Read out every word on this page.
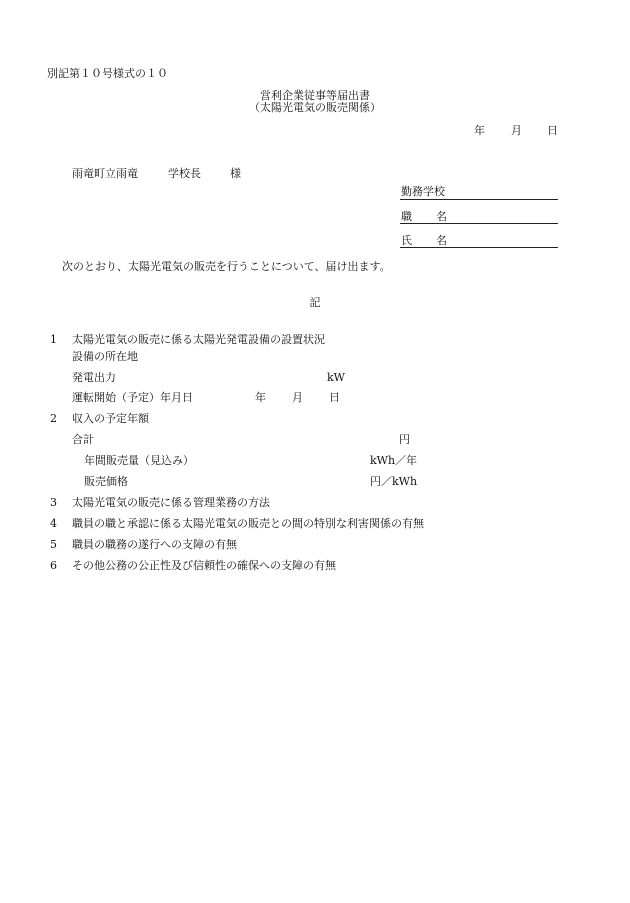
別記第１０号様式の１０
営利企業従事等届出書
（太陽光電気の販売関係）
年 月 日
雨竜町立雨竜	学校長	様
勤務学校
職 名
氏 名
次のとおり、太陽光電気の販売を行うことについて、届け出ます。
記
1 太陽光電気の販売に係る太陽光発電設備の設置状況
設備の所在地
発電出力	kW
運転開始（予定）年月日	年 月 日
2 収入の予定年額
合計	円
年間販売量（見込み）	kWh／年
販売価格	円／kWh
3 太陽光電気の販売に係る管理業務の方法
4 職員の職と承認に係る太陽光電気の販売との間の特別な利害関係の有無
5 職員の職務の遂行への支障の有無
6 その他公務の公正性及び信頼性の確保への支障の有無
